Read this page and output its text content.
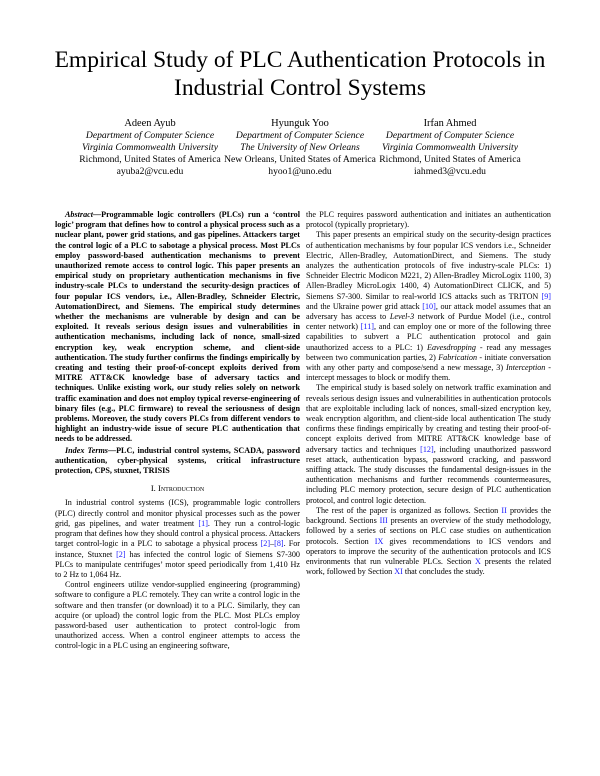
Empirical Study of PLC Authentication Protocols in
Industrial Control Systems
Adeen Ayub
Department of Computer Science
Virginia Commonwealth University
Richmond, United States of America
ayuba2@vcu.edu
Hyunguk Yoo
Department of Computer Science
The University of New Orleans
New Orleans, United States of America
hyoo1@uno.edu
Irfan Ahmed
Department of Computer Science
Virginia Commonwealth University
Richmond, United States of America
iahmed3@vcu.edu

Abstract—Programmable logic controllers (PLCs) run a ‘control logic’ program that defines how to control a physical process such as a nuclear plant, power grid stations, and gas pipelines. Attackers target the control logic of a PLC to sabotage a physical process. Most PLCs employ password-based authentication mechanisms to prevent unauthorized remote access to control logic. This paper presents an empirical study on proprietary authentication mechanisms in five industry-scale PLCs to understand the security-design practices of four popular ICS vendors, i.e., Allen-Bradley, Schneider Electric, AutomationDirect, and Siemens. The empirical study determines whether the mechanisms are vulnerable by design and can be exploited. It reveals serious design issues and vulnerabilities in authentication mechanisms, including lack of nonce, small-sized encryption key, weak encryption scheme, and client-side authentication. The study further confirms the findings empirically by creating and testing their proof-of-concept exploits derived from MITRE ATT&CK knowledge base of adversary tactics and techniques. Unlike existing work, our study relies solely on network traffic examination and does not employ typical reverse-engineering of binary files (e.g., PLC firmware) to reveal the seriousness of design problems. Moreover, the study covers PLCs from different vendors to highlight an industry-wide issue of secure PLC authentication that needs to be addressed.

Index Terms—PLC, industrial control systems, SCADA, password authentication, cyber-physical systems, critical infrastructure protection, CPS, stuxnet, TRISIS

I. Introduction

In industrial control systems (ICS), programmable logic controllers (PLC) directly control and monitor physical processes such as the power grid, gas pipelines, and water treatment [1]. They run a control-logic program that defines how they should control a physical process. Attackers target control-logic in a PLC to sabotage a physical process [2]–[8]. For instance, Stuxnet [2] has infected the control logic of Siemens S7-300 PLCs to manipulate centrifuges’ motor speed periodically from 1,410 Hz to 2 Hz to 1,064 Hz.

Control engineers utilize vendor-supplied engineering (programming) software to configure a PLC remotely. They can write a control logic in the software and then transfer (or download) it to a PLC. Similarly, they can acquire (or upload) the control logic from the PLC. Most PLCs employ password-based user authentication to protect control-logic from unauthorized access. When a control engineer attempts to access the control-logic in a PLC using an engineering software,

the PLC requires password authentication and initiates an authentication protocol (typically proprietary).

This paper presents an empirical study on the security-design practices of authentication mechanisms by four popular ICS vendors i.e., Schneider Electric, Allen-Bradley, AutomationDirect, and Siemens. The study analyzes the authentication protocols of five industry-scale PLCs: 1) Schneider Electric Modicon M221, 2) Allen-Bradley MicroLogix 1100, 3) Allen-Bradley MicroLogix 1400, 4) AutomationDirect CLICK, and 5) Siemens S7-300. Similar to real-world ICS attacks such as TRITON [9] and the Ukraine power grid attack [10], our attack model assumes that an adversary has access to Level-3 network of Purdue Model (i.e., control center network) [11], and can employ one or more of the following three capabilities to subvert a PLC authentication protocol and gain unauthorized access to a PLC: 1) Eavesdropping - read any messages between two communication parties, 2) Fabrication - initiate conversation with any other party and compose/send a new message, 3) Interception - intercept messages to block or modify them.

The empirical study is based solely on network traffic examination and reveals serious design issues and vulnerabilities in authentication protocols that are exploitable including lack of nonces, small-sized encryption key, weak encryption algorithm, and client-side local authentication The study confirms these findings empirically by creating and testing their proof-of-concept exploits derived from MITRE ATT&CK knowledge base of adversary tactics and techniques [12], including unauthorized password reset attack, authentication bypass, password cracking, and password sniffing attack. The study discusses the fundamental design-issues in the authentication mechanisms and further recommends countermeasures, including PLC memory protection, secure design of PLC authentication protocol, and control logic detection.

The rest of the paper is organized as follows. Section II provides the background. Sections III presents an overview of the study methodology, followed by a series of sections on PLC case studies on authentication protocols. Section IX gives recommendations to ICS vendors and operators to improve the security of the authentication protocols and ICS environments that run vulnerable PLCs. Section X presents the related work, followed by Section XI that concludes the study.
